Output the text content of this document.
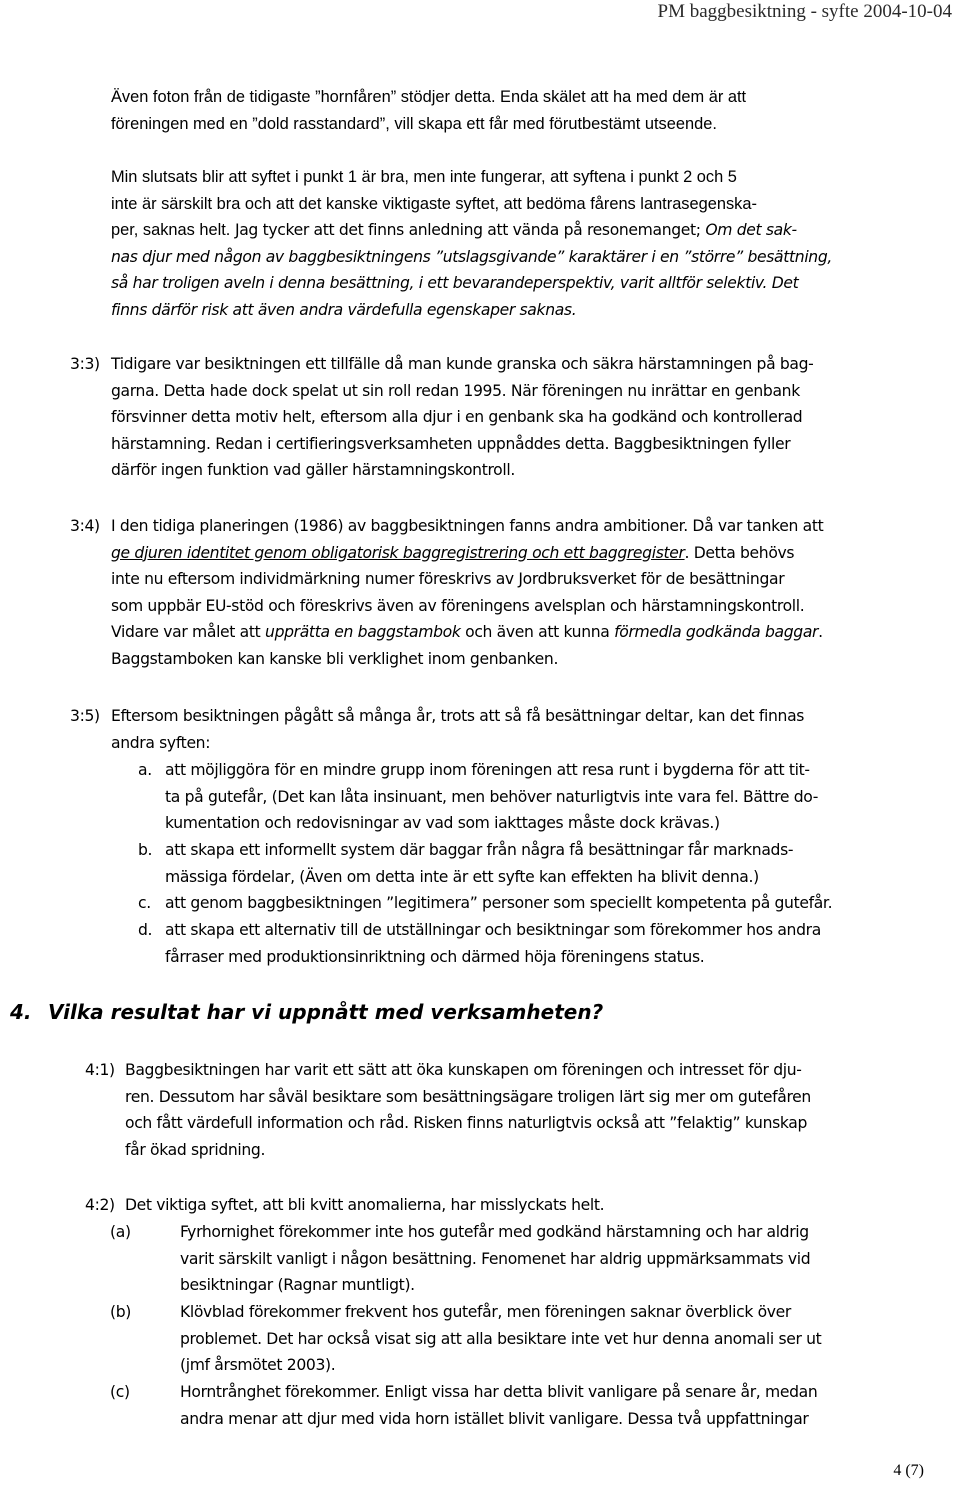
PM baggbesiktning - syfte 2004-10-04
Även foton från de tidigaste ”hornfåren” stödjer detta. Enda skälet att ha med dem är att
föreningen med en ”dold rasstandard”, vill skapa ett får med förutbestämt utseende.
Min slutsats blir att syftet i punkt 1 är bra, men inte fungerar, att syftena i punkt 2 och 5
inte är särskilt bra och att det kanske viktigaste syftet, att bedöma fårens lantrasegenska-
per, saknas helt. Jag tycker att det finns anledning att vända på resonemanget; Om det sak-
nas djur med någon av baggbesiktningens ”utslagsgivande” karaktärer i en ”större” besättning,
så har troligen aveln i denna besättning, i ett bevarandeperspektiv, varit alltför selektiv. Det
finns därför risk att även andra värdefulla egenskaper saknas.
3:3) Tidigare var besiktningen ett tillfälle då man kunde granska och säkra härstamningen på bag-
garna. Detta hade dock spelat ut sin roll redan 1995. När föreningen nu inrättar en genbank
försvinner detta motiv helt, eftersom alla djur i en genbank ska ha godkänd och kontrollerad
härstamning. Redan i certifieringsverksamheten uppnåddes detta. Baggbesiktningen fyller
därför ingen funktion vad gäller härstamningskontroll.
3:4) I den tidiga planeringen (1986) av baggbesiktningen fanns andra ambitioner. Då var tanken att
ge djuren identitet genom obligatorisk baggregistrering och ett baggregister. Detta behövs
inte nu eftersom individmärkning numer föreskrivs av Jordbruksverket för de besättningar
som uppbär EU-stöd och föreskrivs även av föreningens avelsplan och härstamningskontroll.
Vidare var målet att upprätta en baggstambok och även att kunna förmedla godkända baggar.
Baggstamboken kan kanske bli verklighet inom genbanken.
3:5) Eftersom besiktningen pågått så många år, trots att så få besättningar deltar, kan det finnas
andra syften:
a. att möjliggöra för en mindre grupp inom föreningen att resa runt i bygderna för att tit-
ta på gutefår, (Det kan låta insinuant, men behöver naturligtvis inte vara fel. Bättre do-
kumentation och redovisningar av vad som iakttages måste dock krävas.)
b. att skapa ett informellt system där baggar från några få besättningar får marknads-
mässiga fördelar, (Även om detta inte är ett syfte kan effekten ha blivit denna.)
c. att genom baggbesiktningen ”legitimera” personer som speciellt kompetenta på gutefår.
d. att skapa ett alternativ till de utställningar och besiktningar som förekommer hos andra
fårraser med produktionsinriktning och därmed höja föreningens status.
4. Vilka resultat har vi uppnått med verksamheten?
4:1) Baggbesiktningen har varit ett sätt att öka kunskapen om föreningen och intresset för dju-
ren. Dessutom har såväl besiktare som besättningsägare troligen lärt sig mer om gutefåren
och fått värdefull information och råd. Risken finns naturligtvis också att ”felaktig” kunskap
får ökad spridning.
4:2) Det viktiga syftet, att bli kvitt anomalierna, har misslyckats helt.
(a)	Fyrhornighet förekommer inte hos gutefår med godkänd härstamning och har aldrig
varit särskilt vanligt i någon besättning. Fenomenet har aldrig uppmärksammats vid
besiktningar (Ragnar muntligt).
(b)	Klövblad förekommer frekvent hos gutefår, men föreningen saknar överblick över
problemet. Det har också visat sig att alla besiktare inte vet hur denna anomali ser ut
(jmf årsmötet 2003).
(c)	Horntrånghet förekommer. Enligt vissa har detta blivit vanligare på senare år, medan
andra menar att djur med vida horn istället blivit vanligare. Dessa två uppfattningar
4 (7)
